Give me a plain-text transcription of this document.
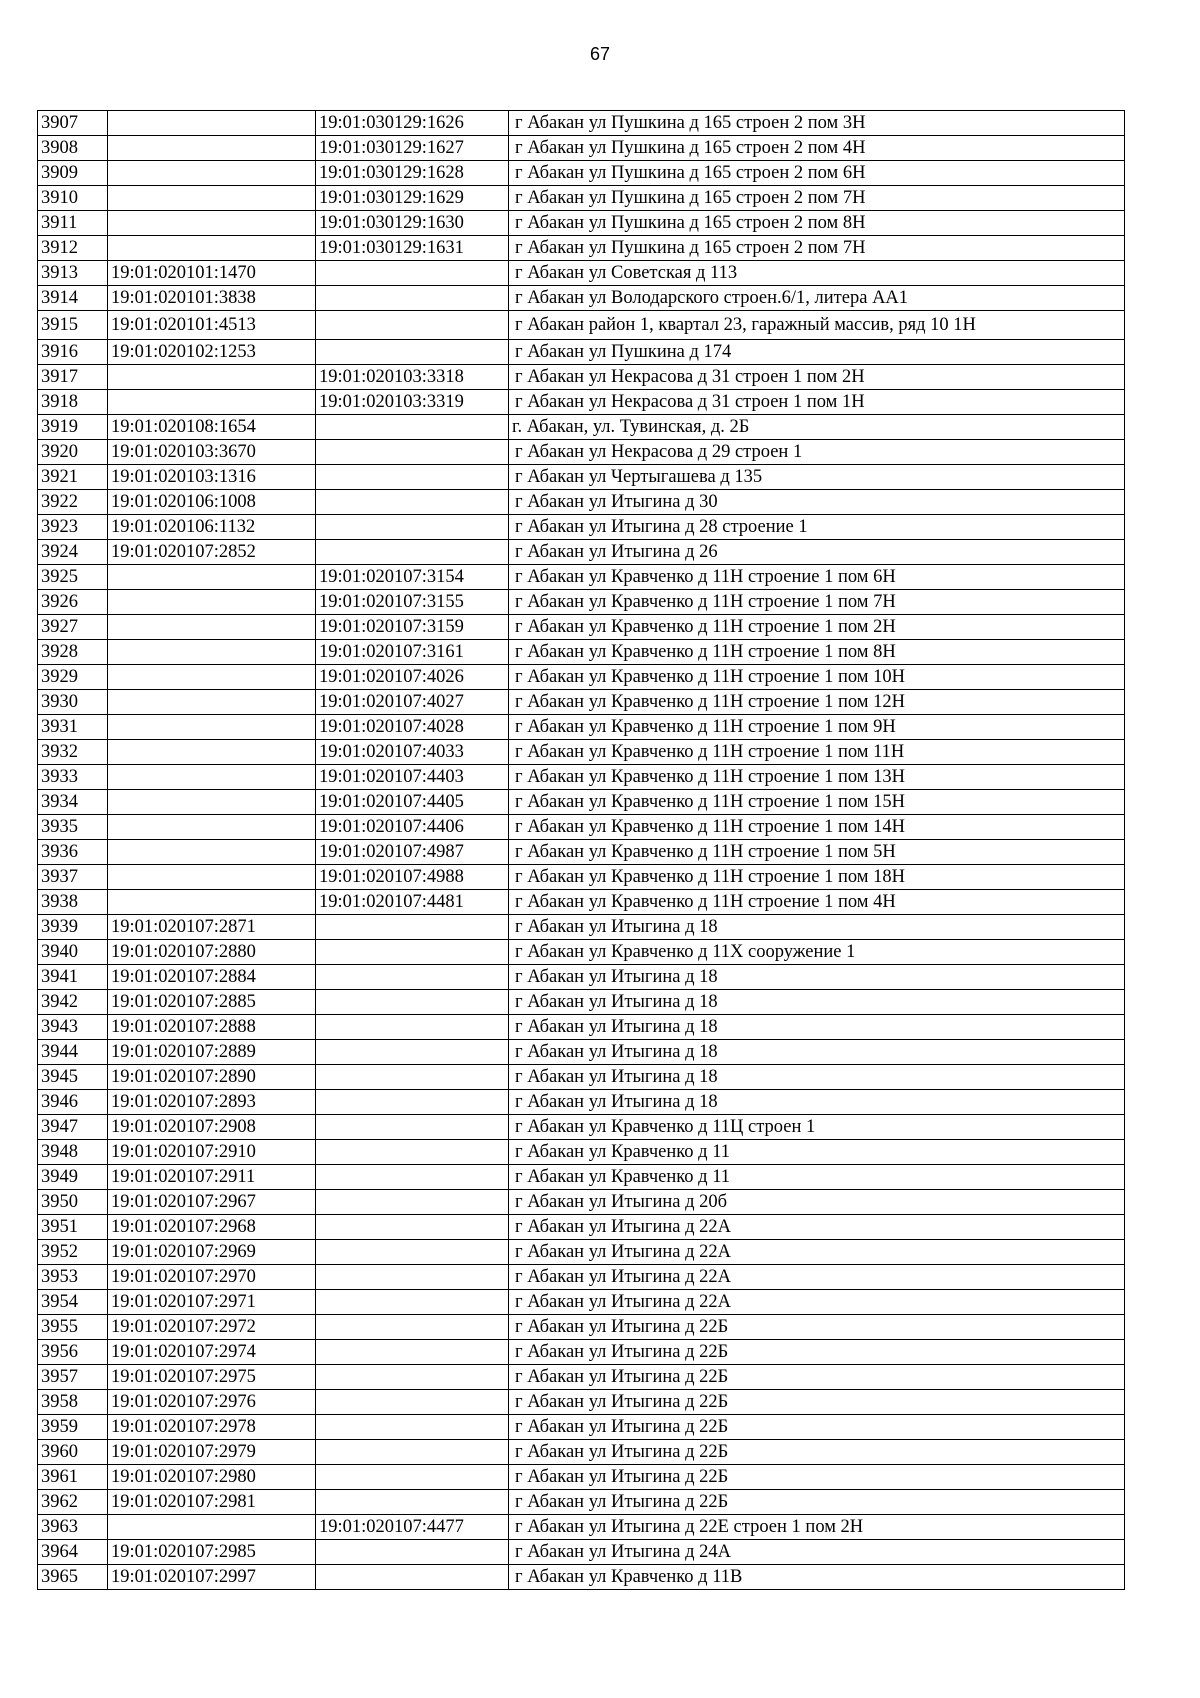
67
3907		19:01:030129:1626	г Абакан ул Пушкина д 165 строен 2 пом 3Н
3908		19:01:030129:1627	г Абакан ул Пушкина д 165 строен 2 пом 4Н
3909		19:01:030129:1628	г Абакан ул Пушкина д 165 строен 2 пом 6Н
3910		19:01:030129:1629	г Абакан ул Пушкина д 165 строен 2 пом 7Н
3911		19:01:030129:1630	г Абакан ул Пушкина д 165 строен 2 пом 8Н
3912		19:01:030129:1631	г Абакан ул Пушкина д 165 строен 2 пом 7Н
3913	19:01:020101:1470		г Абакан ул Советская д 113
3914	19:01:020101:3838		г Абакан ул Володарского строен.6/1, литера АА1
3915	19:01:020101:4513		г Абакан район 1, квартал 23, гаражный массив, ряд 10 1Н
3916	19:01:020102:1253		г Абакан ул Пушкина д 174
3917		19:01:020103:3318	г Абакан ул Некрасова д 31 строен 1 пом 2Н
3918		19:01:020103:3319	г Абакан ул Некрасова д 31 строен 1 пом 1Н
3919	19:01:020108:1654		г. Абакан, ул. Тувинская, д. 2Б
3920	19:01:020103:3670		г Абакан ул Некрасова д 29 строен 1
3921	19:01:020103:1316		г Абакан ул Чертыгашева д 135
3922	19:01:020106:1008		г Абакан ул Итыгина д 30
3923	19:01:020106:1132		г Абакан ул Итыгина д 28 строение 1
3924	19:01:020107:2852		г Абакан ул Итыгина д 26
3925		19:01:020107:3154	г Абакан ул Кравченко д 11Н строение 1 пом 6Н
3926		19:01:020107:3155	г Абакан ул Кравченко д 11Н строение 1 пом 7Н
3927		19:01:020107:3159	г Абакан ул Кравченко д 11Н строение 1 пом 2Н
3928		19:01:020107:3161	г Абакан ул Кравченко д 11Н строение 1 пом 8Н
3929		19:01:020107:4026	г Абакан ул Кравченко д 11Н строение 1 пом 10Н
3930		19:01:020107:4027	г Абакан ул Кравченко д 11Н строение 1 пом 12Н
3931		19:01:020107:4028	г Абакан ул Кравченко д 11Н строение 1 пом 9Н
3932		19:01:020107:4033	г Абакан ул Кравченко д 11Н строение 1 пом 11Н
3933		19:01:020107:4403	г Абакан ул Кравченко д 11Н строение 1 пом 13Н
3934		19:01:020107:4405	г Абакан ул Кравченко д 11Н строение 1 пом 15Н
3935		19:01:020107:4406	г Абакан ул Кравченко д 11Н строение 1 пом 14Н
3936		19:01:020107:4987	г Абакан ул Кравченко д 11Н строение 1 пом 5Н
3937		19:01:020107:4988	г Абакан ул Кравченко д 11Н строение 1 пом 18Н
3938		19:01:020107:4481	г Абакан ул Кравченко д 11Н строение 1 пом 4Н
3939	19:01:020107:2871		г Абакан ул Итыгина д 18
3940	19:01:020107:2880		г Абакан ул Кравченко д 11Х сооружение 1
3941	19:01:020107:2884		г Абакан ул Итыгина д 18
3942	19:01:020107:2885		г Абакан ул Итыгина д 18
3943	19:01:020107:2888		г Абакан ул Итыгина д 18
3944	19:01:020107:2889		г Абакан ул Итыгина д 18
3945	19:01:020107:2890		г Абакан ул Итыгина д 18
3946	19:01:020107:2893		г Абакан ул Итыгина д 18
3947	19:01:020107:2908		г Абакан ул Кравченко д 11Ц строен 1
3948	19:01:020107:2910		г Абакан ул Кравченко д 11
3949	19:01:020107:2911		г Абакан ул Кравченко д 11
3950	19:01:020107:2967		г Абакан ул Итыгина д 20б
3951	19:01:020107:2968		г Абакан ул Итыгина д 22А
3952	19:01:020107:2969		г Абакан ул Итыгина д 22А
3953	19:01:020107:2970		г Абакан ул Итыгина д 22А
3954	19:01:020107:2971		г Абакан ул Итыгина д 22А
3955	19:01:020107:2972		г Абакан ул Итыгина д 22Б
3956	19:01:020107:2974		г Абакан ул Итыгина д 22Б
3957	19:01:020107:2975		г Абакан ул Итыгина д 22Б
3958	19:01:020107:2976		г Абакан ул Итыгина д 22Б
3959	19:01:020107:2978		г Абакан ул Итыгина д 22Б
3960	19:01:020107:2979		г Абакан ул Итыгина д 22Б
3961	19:01:020107:2980		г Абакан ул Итыгина д 22Б
3962	19:01:020107:2981		г Абакан ул Итыгина д 22Б
3963		19:01:020107:4477	г Абакан ул Итыгина д 22Е строен 1 пом 2Н
3964	19:01:020107:2985		г Абакан ул Итыгина д 24А
3965	19:01:020107:2997		г Абакан ул Кравченко д 11В
